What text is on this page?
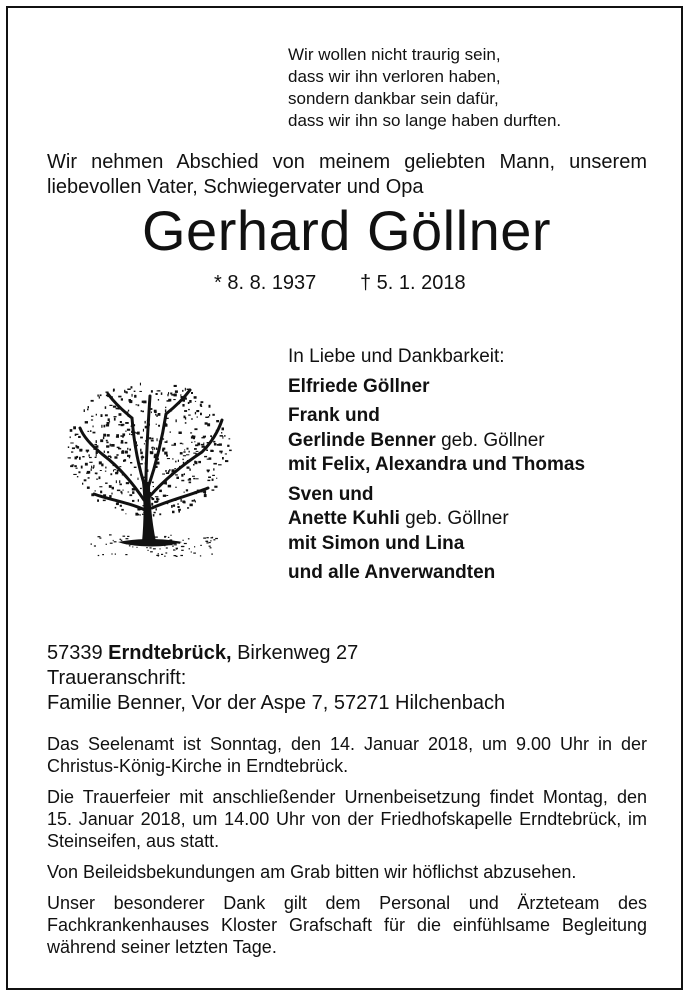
Wir wollen nicht traurig sein,
dass wir ihn verloren haben,
sondern dankbar sein dafür,
dass wir ihn so lange haben durften.
Wir nehmen Abschied von meinem geliebten Mann, unserem
liebevollen Vater, Schwiegervater und Opa
Gerhard Göllner
* 8. 8. 1937 † 5. 1. 2018
In Liebe und Dankbarkeit:
Elfriede Göllner
Frank und
Gerlinde Benner geb. Göllner
mit Felix, Alexandra und Thomas
Sven und
Anette Kuhli geb. Göllner
mit Simon und Lina
und alle Anverwandten
57339 Erndtebrück, Birkenweg 27
Traueranschrift:
Familie Benner, Vor der Aspe 7, 57271 Hilchenbach
Das Seelenamt ist Sonntag, den 14. Januar 2018, um 9.00 Uhr in der Christus-König-Kirche in Erndtebrück.
Die Trauerfeier mit anschließender Urnenbeisetzung findet Montag, den 15. Januar 2018, um 14.00 Uhr von der Friedhofskapelle Erndtebrück, im Steinseifen, aus statt.
Von Beileidsbekundungen am Grab bitten wir höflichst abzusehen.
Unser besonderer Dank gilt dem Personal und Ärzteteam des Fachkrankenhauses Kloster Grafschaft für die einfühlsame Begleitung während seiner letzten Tage.
